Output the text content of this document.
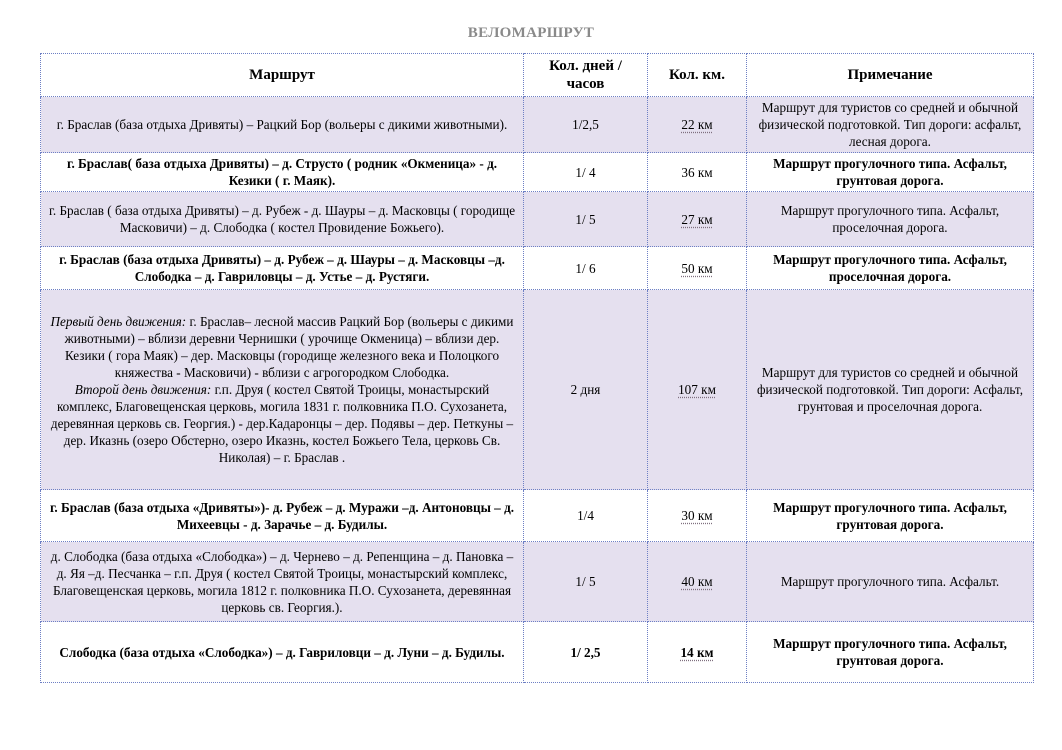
ВЕЛОМАРШРУТ
Маршрут	Кол. дней / часов	Кол. км.	Примечание
г. Браслав (база отдыха Дривяты) – Рацкий Бор (вольеры с дикими животными).	1/2,5	22 км	Маршрут для туристов со средней и обычной физической подготовкой. Тип дороги: асфальт, лесная дорога.
г. Браслав( база отдыха Дривяты) – д. Струсто ( родник «Окменица» - д. Кезики ( г. Маяк).	1/ 4	36 км	Маршрут прогулочного типа. Асфальт, грунтовая дорога.
г. Браслав ( база отдыха Дривяты) – д. Рубеж - д. Шауры – д. Масковцы ( городище Масковичи) – д. Слободка ( костел Провидение Божьего).	1/ 5	27 км	Маршрут прогулочного типа. Асфальт, проселочная дорога.
г. Браслав (база отдыха Дривяты) – д. Рубеж – д. Шауры – д. Масковцы –д. Слободка – д. Гавриловцы – д. Устье – д. Рустяги.	1/ 6	50 км	Маршрут прогулочного типа. Асфальт, проселочная дорога.
Первый день движения: г. Браслав– лесной массив Рацкий Бор (вольеры с дикими животными) – вблизи деревни Чернишки ( урочище Окменица) – вблизи дер. Кезики ( гора Маяк) – дер. Масковцы (городище железного века и Полоцкого княжества - Масковичи) - вблизи с агрогородком Слободка.
Второй день движения: г.п. Друя ( костел Святой Троицы, монастырский комплекс, Благовещенская церковь, могила 1831 г. полковника П.О. Сухозанета, деревянная церковь св. Георгия.) - дер.Кадаронцы – дер. Подявы – дер. Петкуны – дер. Иказнь (озеро Обстерно, озеро Иказнь, костел Божьего Тела, церковь Св. Николая) – г. Браслав .	2 дня	107 км	Маршрут для туристов со средней и обычной физической подготовкой. Тип дороги: Асфальт, грунтовая и проселочная дорога.
г. Браслав (база отдыха «Дривяты»)- д. Рубеж – д. Муражи –д. Антоновцы – д. Михеевцы - д. Зарачье – д. Будилы.	1/4	30 км	Маршрут прогулочного типа. Асфальт, грунтовая дорога.
д. Слободка (база отдыха «Слободка») – д. Чернево – д. Репенщина – д. Пановка – д. Яя –д. Песчанка – г.п. Друя ( костел Святой Троицы, монастырский комплекс, Благовещенская церковь, могила 1812 г. полковника П.О. Сухозанета, деревянная церковь св. Георгия.).	1/ 5	40 км	Маршрут прогулочного типа. Асфальт.
Слободка (база отдыха «Слободка») – д. Гавриловци – д. Луни – д. Будилы.	1/ 2,5	14 км	Маршрут прогулочного типа. Асфальт, грунтовая дорога.
